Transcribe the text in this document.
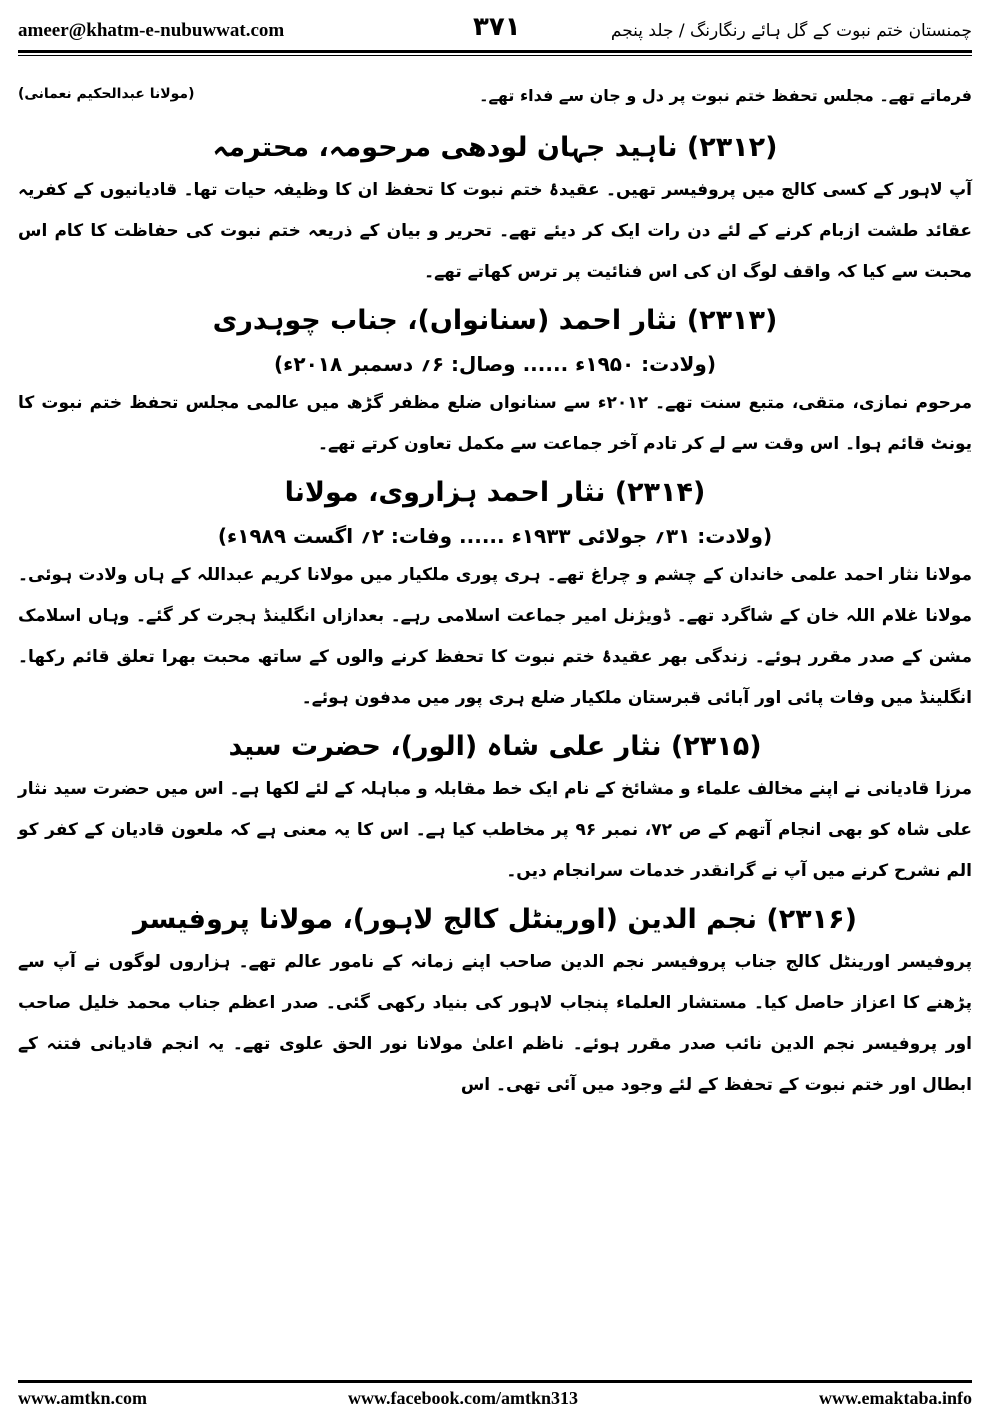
ameer@khatm-e-nubuwwat.com	۳۷۱	چمنستان ختم نبوت کے گل ہائے رنگارنگ / جلد پنجم
فرماتے تھے۔ مجلس تحفظ ختم نبوت پر دل و جان سے فداء تھے۔
(مولانا عبدالحکیم نعمانی)
(۲۳۱۲) ناہید جہان لودھی مرحومہ، محترمہ

آپ لاہور کے کسی کالج میں پروفیسر تھیں۔ عقیدۂ ختم نبوت کا تحفظ ان کا وظیفہ حیات تھا۔ قادیانیوں کے کفریہ عقائد طشت ازبام کرنے کے لئے دن رات ایک کر دیئے تھے۔ تحریر و بیان کے ذریعہ ختم نبوت کی حفاظت کا کام اس محبت سے کیا کہ واقف لوگ ان کی اس فنائیت پر ترس کھاتے تھے۔

(۲۳۱۳) نثار احمد (سنانواں)، جناب چوہدری
(ولادت: ۱۹۵۰ء ...... وصال: ۶؍ دسمبر ۲۰۱۸ء)

مرحوم نمازی، متقی، متبع سنت تھے۔ ۲۰۱۲ء سے سنانواں ضلع مظفر گڑھ میں عالمی مجلس تحفظ ختم نبوت کا یونٹ قائم ہوا۔ اس وقت سے لے کر تادم آخر جماعت سے مکمل تعاون کرتے تھے۔

(۲۳۱۴) نثار احمد ہزاروی، مولانا
(ولادت: ۳۱؍ جولائی ۱۹۳۳ء ...... وفات: ۲؍ اگست ۱۹۸۹ء)

مولانا نثار احمد علمی خاندان کے چشم و چراغ تھے۔ ہری پوری ملکیار میں مولانا کریم عبداللہ کے ہاں ولادت ہوئی۔ مولانا غلام اللہ خان کے شاگرد تھے۔ ڈویژنل امیر جماعت اسلامی رہے۔ بعدازاں انگلینڈ ہجرت کر گئے۔ وہاں اسلامک مشن کے صدر مقرر ہوئے۔ زندگی بھر عقیدۂ ختم نبوت کا تحفظ کرنے والوں کے ساتھ محبت بھرا تعلق قائم رکھا۔ انگلینڈ میں وفات پائی اور آبائی قبرستان ملکیار ضلع ہری پور میں مدفون ہوئے۔

(۲۳۱۵) نثار علی شاہ (الور)، حضرت سید

مرزا قادیانی نے اپنے مخالف علماء و مشائخ کے نام ایک خط مقابلہ و مباہلہ کے لئے لکھا ہے۔ اس میں حضرت سید نثار علی شاہ کو بھی انجام آتھم کے ص ۷۲، نمبر ۹۶ پر مخاطب کیا ہے۔ اس کا یہ معنی ہے کہ ملعون قادیان کے کفر کو الم نشرح کرنے میں آپ نے گرانقدر خدمات سرانجام دیں۔

(۲۳۱۶) نجم الدین (اورینٹل کالج لاہور)، مولانا پروفیسر

پروفیسر اورینٹل کالج جناب پروفیسر نجم الدین صاحب اپنے زمانہ کے نامور عالم تھے۔ ہزاروں لوگوں نے آپ سے پڑھنے کا اعزاز حاصل کیا۔ مستشار العلماء پنجاب لاہور کی بنیاد رکھی گئی۔ صدر اعظم جناب محمد خلیل صاحب اور پروفیسر نجم الدین نائب صدر مقرر ہوئے۔ ناظم اعلیٰ مولانا نور الحق علوی تھے۔ یہ انجم قادیانی فتنہ کے ابطال اور ختم نبوت کے تحفظ کے لئے وجود میں آئی تھی۔ اس

www.amtkn.com	www.facebook.com/amtkn313	www.emaktaba.info
